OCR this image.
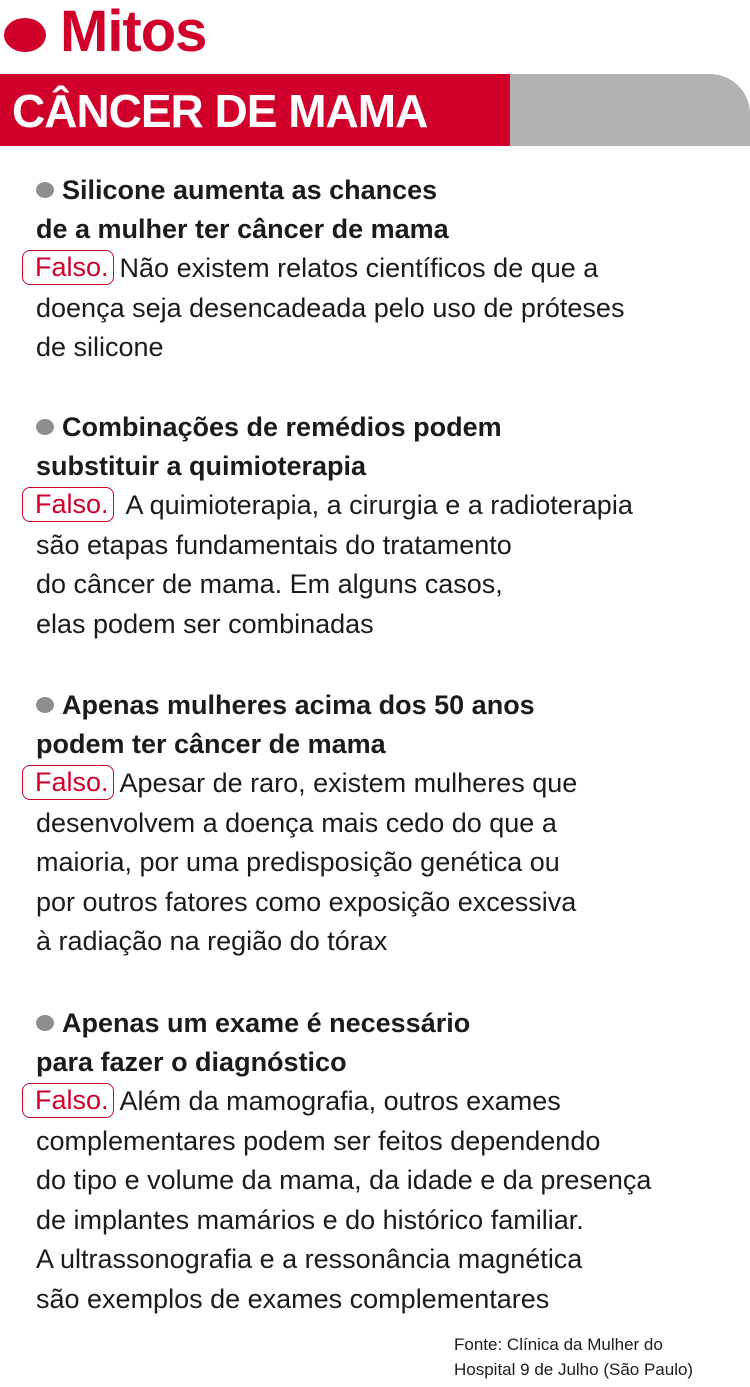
Mitos
CÂNCER DE MAMA
Silicone aumenta as chances
de a mulher ter câncer de mama
Falso. Não existem relatos científicos de que a
doença seja desencadeada pelo uso de próteses
de silicone
Combinações de remédios podem
substituir a quimioterapia
Falso. A quimioterapia, a cirurgia e a radioterapia
são etapas fundamentais do tratamento
do câncer de mama. Em alguns casos,
elas podem ser combinadas
Apenas mulheres acima dos 50 anos
podem ter câncer de mama
Falso. Apesar de raro, existem mulheres que
desenvolvem a doença mais cedo do que a
maioria, por uma predisposição genética ou
por outros fatores como exposição excessiva
à radiação na região do tórax
Apenas um exame é necessário
para fazer o diagnóstico
Falso. Além da mamografia, outros exames
complementares podem ser feitos dependendo
do tipo e volume da mama, da idade e da presença
de implantes mamários e do histórico familiar.
A ultrassonografia e a ressonância magnética
são exemplos de exames complementares
Fonte: Clínica da Mulher do
Hospital 9 de Julho (São Paulo)
